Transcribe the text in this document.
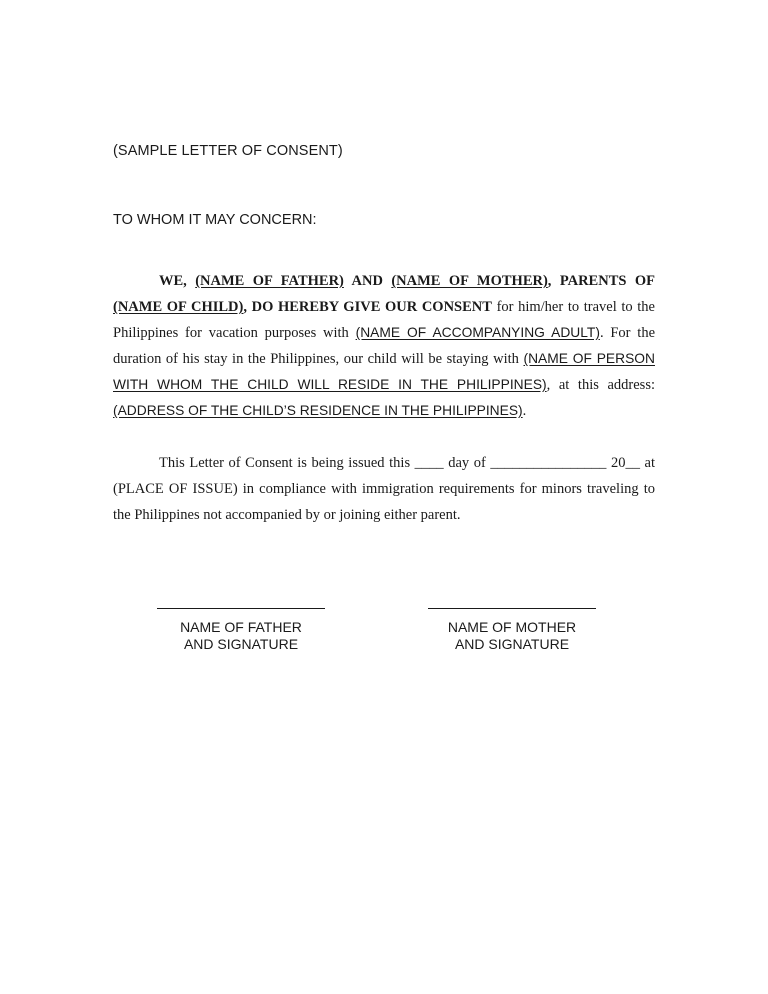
(SAMPLE LETTER OF CONSENT)
TO WHOM IT MAY CONCERN:

WE, (NAME OF FATHER) AND (NAME OF MOTHER), PARENTS OF (NAME OF CHILD), DO HEREBY GIVE OUR CONSENT for him/her to travel to the Philippines for vacation purposes with (NAME OF ACCOMPANYING ADULT). For the duration of his stay in the Philippines, our child will be staying with (NAME OF PERSON WITH WHOM THE CHILD WILL RESIDE IN THE PHILIPPINES), at this address: (ADDRESS OF THE CHILD’S RESIDENCE IN THE PHILIPPINES).

This Letter of Consent is being issued this ____ day of ________________ 20__ at (PLACE OF ISSUE) in compliance with immigration requirements for minors traveling to the Philippines not accompanied by or joining either parent.

NAME OF FATHER
AND SIGNATURE
NAME OF MOTHER
AND SIGNATURE
